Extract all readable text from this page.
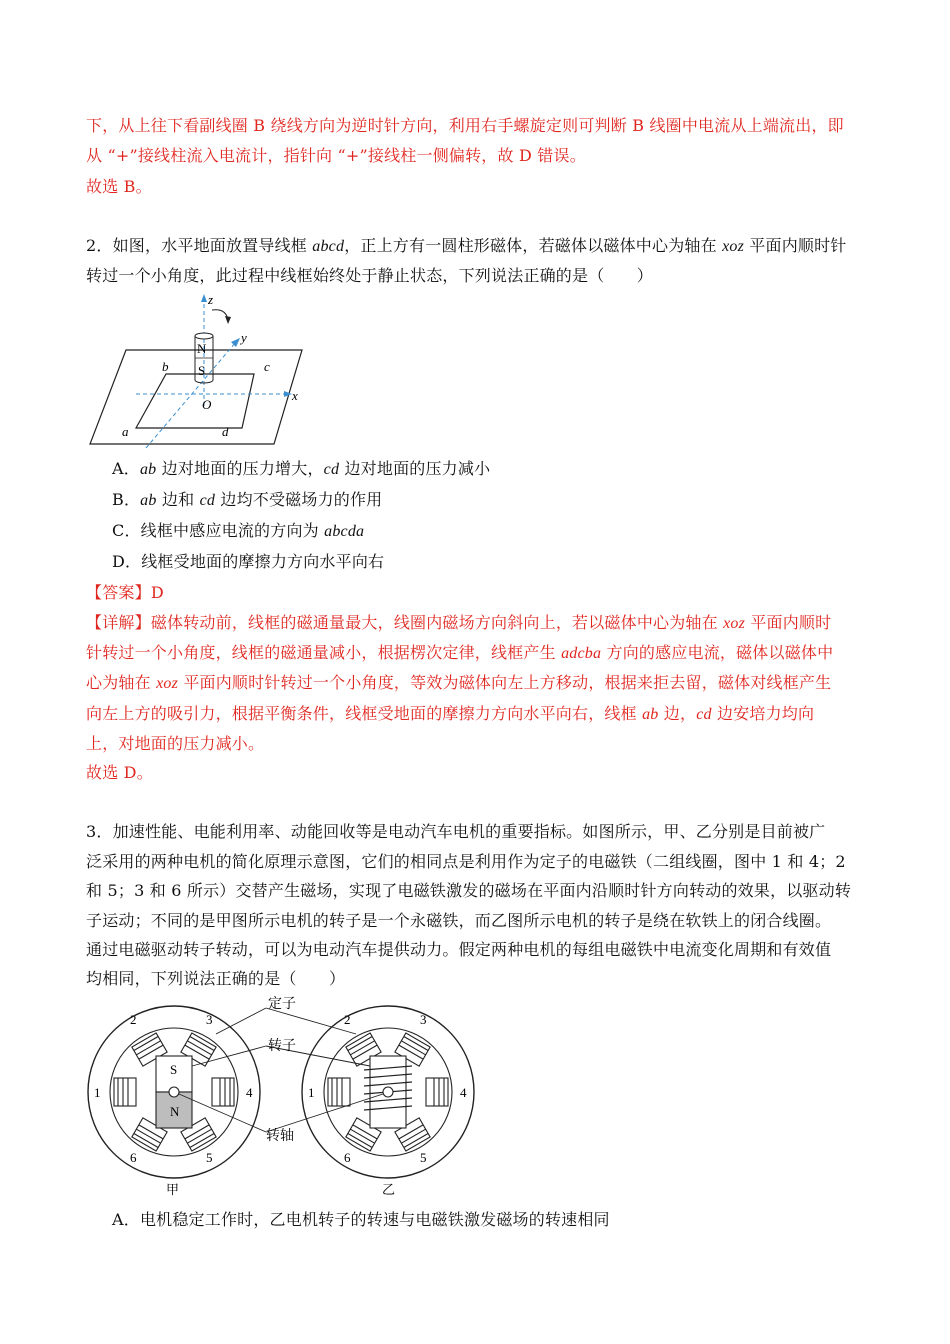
下，从上往下看副线圈 B 绕线方向为逆时针方向，利用右手螺旋定则可判断 B 线圈中电流从上端流出，即
从 “+”接线柱流入电流计，指针向 “+”接线柱一侧偏转，故 D 错误。
故选 B。
2．如图，水平地面放置导线框 abcd，正上方有一圆柱形磁体，若磁体以磁体中心为轴在 xoz 平面内顺时针
转过一个小角度，此过程中线框始终处于静止状态，下列说法正确的是（　　）
z
y
x
N
S
O
a
b	c
d
A．ab 边对地面的压力增大，cd 边对地面的压力减小
B．ab 边和 cd 边均不受磁场力的作用
C．线框中感应电流的方向为 abcda
D．线框受地面的摩擦力方向水平向右
【答案】D
【详解】磁体转动前，线框的磁通量最大，线圈内磁场方向斜向上，若以磁体中心为轴在 xoz 平面内顺时
针转过一个小角度，线框的磁通量减小，根据楞次定律，线框产生 adcba 方向的感应电流，磁体以磁体中
心为轴在 xoz 平面内顺时针转过一个小角度，等效为磁体向左上方移动，根据来拒去留，磁体对线框产生
向左上方的吸引力，根据平衡条件，线框受地面的摩擦力方向水平向右，线框 ab 边，cd 边安培力均向
上，对地面的压力减小。
故选 D。
3．加速性能、电能利用率、动能回收等是电动汽车电机的重要指标。如图所示，甲、乙分别是目前被广
泛采用的两种电机的简化原理示意图，它们的相同点是利用作为定子的电磁铁（二组线圈，图中 1 和 4；2
和 5；3 和 6 所示）交替产生磁场，实现了电磁铁激发的磁场在平面内沿顺时针方向转动的效果，以驱动转
子运动；不同的是甲图所示电机的转子是一个永磁铁，而乙图所示电机的转子是绕在软铁上的闭合线圈。
通过电磁驱动转子转动，可以为电动汽车提供动力。假定两种电机的每组电磁铁中电流变化周期和有效值
均相同，下列说法正确的是（　　）
S
N
2	3
1	4
6	5
甲
2	3
1	4
6	5
乙
定子
转子
转轴
A．电机稳定工作时，乙电机转子的转速与电磁铁激发磁场的转速相同
